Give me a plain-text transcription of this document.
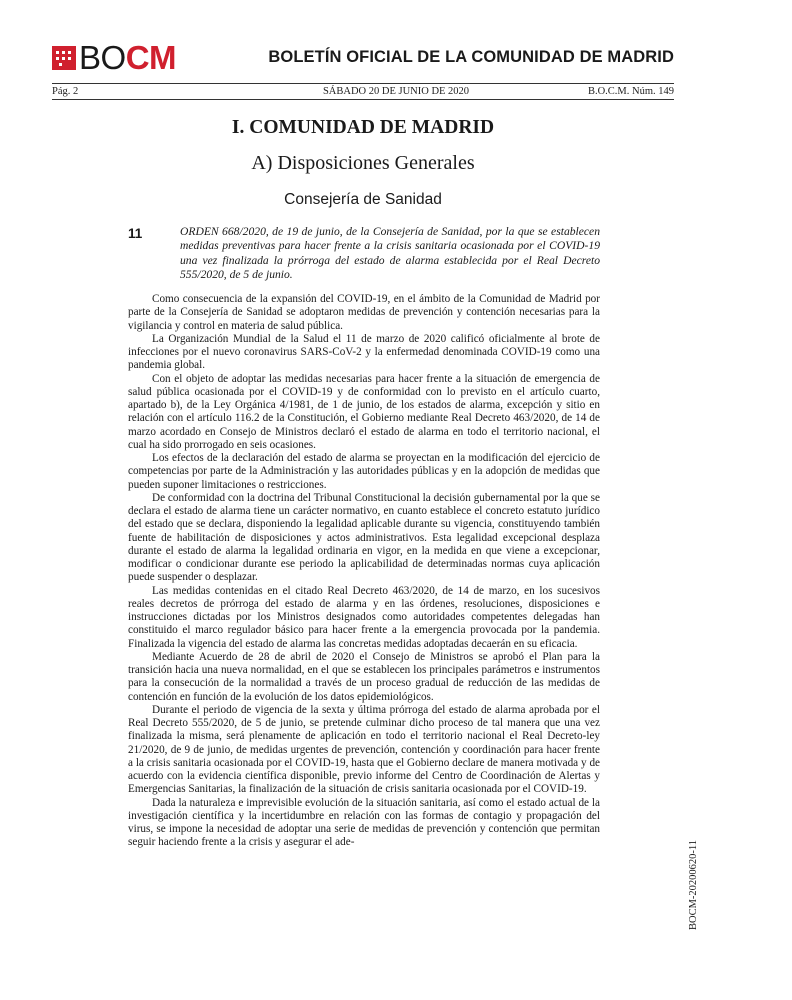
BOCM	BOLETÍN OFICIAL DE LA COMUNIDAD DE MADRID
Pág. 2	SÁBADO 20 DE JUNIO DE 2020	B.O.C.M. Núm. 149
I. COMUNIDAD DE MADRID
A) Disposiciones Generales
Consejería de Sanidad
11	ORDEN 668/2020, de 19 de junio, de la Consejería de Sanidad, por la que se establecen medidas preventivas para hacer frente a la crisis sanitaria ocasionada por el COVID-19 una vez finalizada la prórroga del estado de alarma establecida por el Real Decreto 555/2020, de 5 de junio.

Como consecuencia de la expansión del COVID-19, en el ámbito de la Comunidad de Madrid por parte de la Consejería de Sanidad se adoptaron medidas de prevención y contención necesarias para la vigilancia y control en materia de salud pública.

La Organización Mundial de la Salud el 11 de marzo de 2020 calificó oficialmente al brote de infecciones por el nuevo coronavirus SARS-CoV-2 y la enfermedad denominada COVID-19 como una pandemia global.

Con el objeto de adoptar las medidas necesarias para hacer frente a la situación de emergencia de salud pública ocasionada por el COVID-19 y de conformidad con lo previsto en el artículo cuarto, apartado b), de la Ley Orgánica 4/1981, de 1 de junio, de los estados de alarma, excepción y sitio en relación con el artículo 116.2 de la Constitución, el Gobierno mediante Real Decreto 463/2020, de 14 de marzo acordado en Consejo de Ministros declaró el estado de alarma en todo el territorio nacional, el cual ha sido prorrogado en seis ocasiones.

Los efectos de la declaración del estado de alarma se proyectan en la modificación del ejercicio de competencias por parte de la Administración y las autoridades públicas y en la adopción de medidas que pueden suponer limitaciones o restricciones.

De conformidad con la doctrina del Tribunal Constitucional la decisión gubernamental por la que se declara el estado de alarma tiene un carácter normativo, en cuanto establece el concreto estatuto jurídico del estado que se declara, disponiendo la legalidad aplicable durante su vigencia, constituyendo también fuente de habilitación de disposiciones y actos administrativos. Esta legalidad excepcional desplaza durante el estado de alarma la legalidad ordinaria en vigor, en la medida en que viene a excepcionar, modificar o condicionar durante ese periodo la aplicabilidad de determinadas normas cuya aplicación puede suspender o desplazar.

Las medidas contenidas en el citado Real Decreto 463/2020, de 14 de marzo, en los sucesivos reales decretos de prórroga del estado de alarma y en las órdenes, resoluciones, disposiciones e instrucciones dictadas por los Ministros designados como autoridades competentes delegadas han constituido el marco regulador básico para hacer frente a la emergencia provocada por la pandemia. Finalizada la vigencia del estado de alarma las concretas medidas adoptadas decaerán en su eficacia.

Mediante Acuerdo de 28 de abril de 2020 el Consejo de Ministros se aprobó el Plan para la transición hacia una nueva normalidad, en el que se establecen los principales parámetros e instrumentos para la consecución de la normalidad a través de un proceso gradual de reducción de las medidas de contención en función de la evolución de los datos epidemiológicos.

Durante el periodo de vigencia de la sexta y última prórroga del estado de alarma aprobada por el Real Decreto 555/2020, de 5 de junio, se pretende culminar dicho proceso de tal manera que una vez finalizada la misma, será plenamente de aplicación en todo el territorio nacional el Real Decreto-ley 21/2020, de 9 de junio, de medidas urgentes de prevención, contención y coordinación para hacer frente a la crisis sanitaria ocasionada por el COVID-19, hasta que el Gobierno declare de manera motivada y de acuerdo con la evidencia científica disponible, previo informe del Centro de Coordinación de Alertas y Emergencias Sanitarias, la finalización de la situación de crisis sanitaria ocasionada por el COVID-19.

Dada la naturaleza e imprevisible evolución de la situación sanitaria, así como el estado actual de la investigación científica y la incertidumbre en relación con las formas de contagio y propagación del virus, se impone la necesidad de adoptar una serie de medidas de prevención y contención que permitan seguir haciendo frente a la crisis y asegurar el ade-	BOCM-20200620-11
